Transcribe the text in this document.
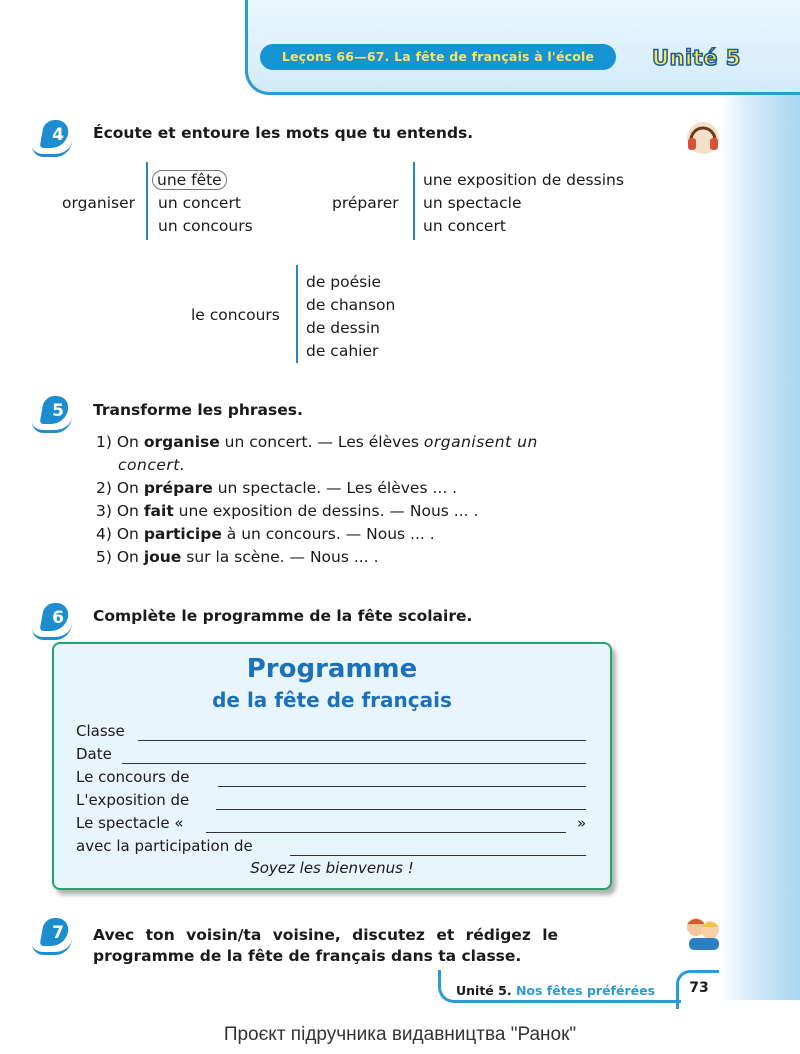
Leçons 66—67. La fête de français à l'école	Unité 5
4 Écoute et entoure les mots que tu entends.
organiser
une fête
un concert
un concours
préparer
une exposition de dessins
un spectacle
un concert
le concours
de poésie
de chanson
de dessin
de cahier
5 Transforme les phrases.
1) On organise un concert. — Les élèves organisent un
concert.
2) On prépare un spectacle. — Les élèves ... .
3) On fait une exposition de dessins. — Nous ... .
4) On participe à un concours. — Nous ... .
5) On joue sur la scène. — Nous ... .
6 Complète le programme de la fête scolaire.
Programme
de la fête de français
Classe
Date
Le concours de
L'exposition de
Le spectacle «	»
avec la participation de
Soyez les bienvenus !
7 Avec ton voisin/ta voisine, discutez et rédigez le
programme de la fête de français dans ta classe.
Unité 5. Nos fêtes préférées	73
Проєкт підручника видавництва "Ранок"
